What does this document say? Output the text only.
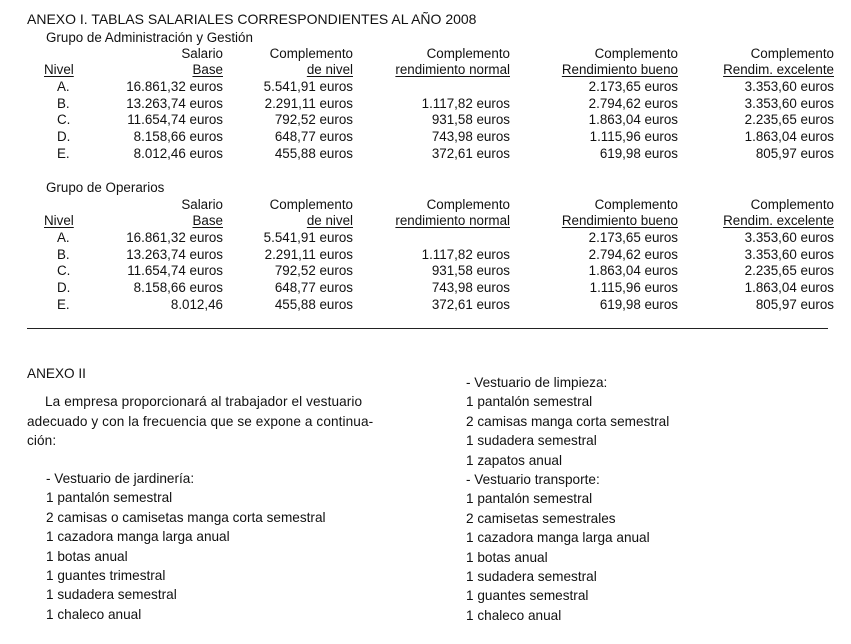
ANEXO I. TABLAS SALARIALES CORRESPONDIENTES AL AÑO 2008
Grupo de Administración y Gestión
	Salario	Complemento	Complemento	Complemento	Complemento
Nivel	Base	de nivel	rendimiento normal	Rendimiento bueno	Rendim. excelente
A.	16.861,32 euros	5.541,91 euros		2.173,65 euros	3.353,60 euros
B.	13.263,74 euros	2.291,11 euros	1.117,82 euros	2.794,62 euros	3.353,60 euros
C.	11.654,74 euros	792,52 euros	931,58 euros	1.863,04 euros	2.235,65 euros
D.	8.158,66 euros	648,77 euros	743,98 euros	1.115,96 euros	1.863,04 euros
E.	8.012,46 euros	455,88 euros	372,61 euros	619,98 euros	805,97 euros
Grupo de Operarios
	Salario	Complemento	Complemento	Complemento	Complemento
Nivel	Base	de nivel	rendimiento normal	Rendimiento bueno	Rendim. excelente
A.	16.861,32 euros	5.541,91 euros		2.173,65 euros	3.353,60 euros
B.	13.263,74 euros	2.291,11 euros	1.117,82 euros	2.794,62 euros	3.353,60 euros
C.	11.654,74 euros	792,52 euros	931,58 euros	1.863,04 euros	2.235,65 euros
D.	8.158,66 euros	648,77 euros	743,98 euros	1.115,96 euros	1.863,04 euros
E.	8.012,46	455,88 euros	372,61 euros	619,98 euros	805,97 euros
ANEXO II
La empresa proporcionará al trabajador el vestuario
adecuado y con la frecuencia que se expone a continua-
ción:
- Vestuario de jardinería:
1 pantalón semestral
2 camisas o camisetas manga corta semestral
1 cazadora manga larga anual
1 botas anual
1 guantes trimestral
1 sudadera semestral
1 chaleco anual
- Vestuario de limpieza:
1 pantalón semestral
2 camisas manga corta semestral
1 sudadera semestral
1 zapatos anual
- Vestuario transporte:
1 pantalón semestral
2 camisetas semestrales
1 cazadora manga larga anual
1 botas anual
1 sudadera semestral
1 guantes semestral
1 chaleco anual
